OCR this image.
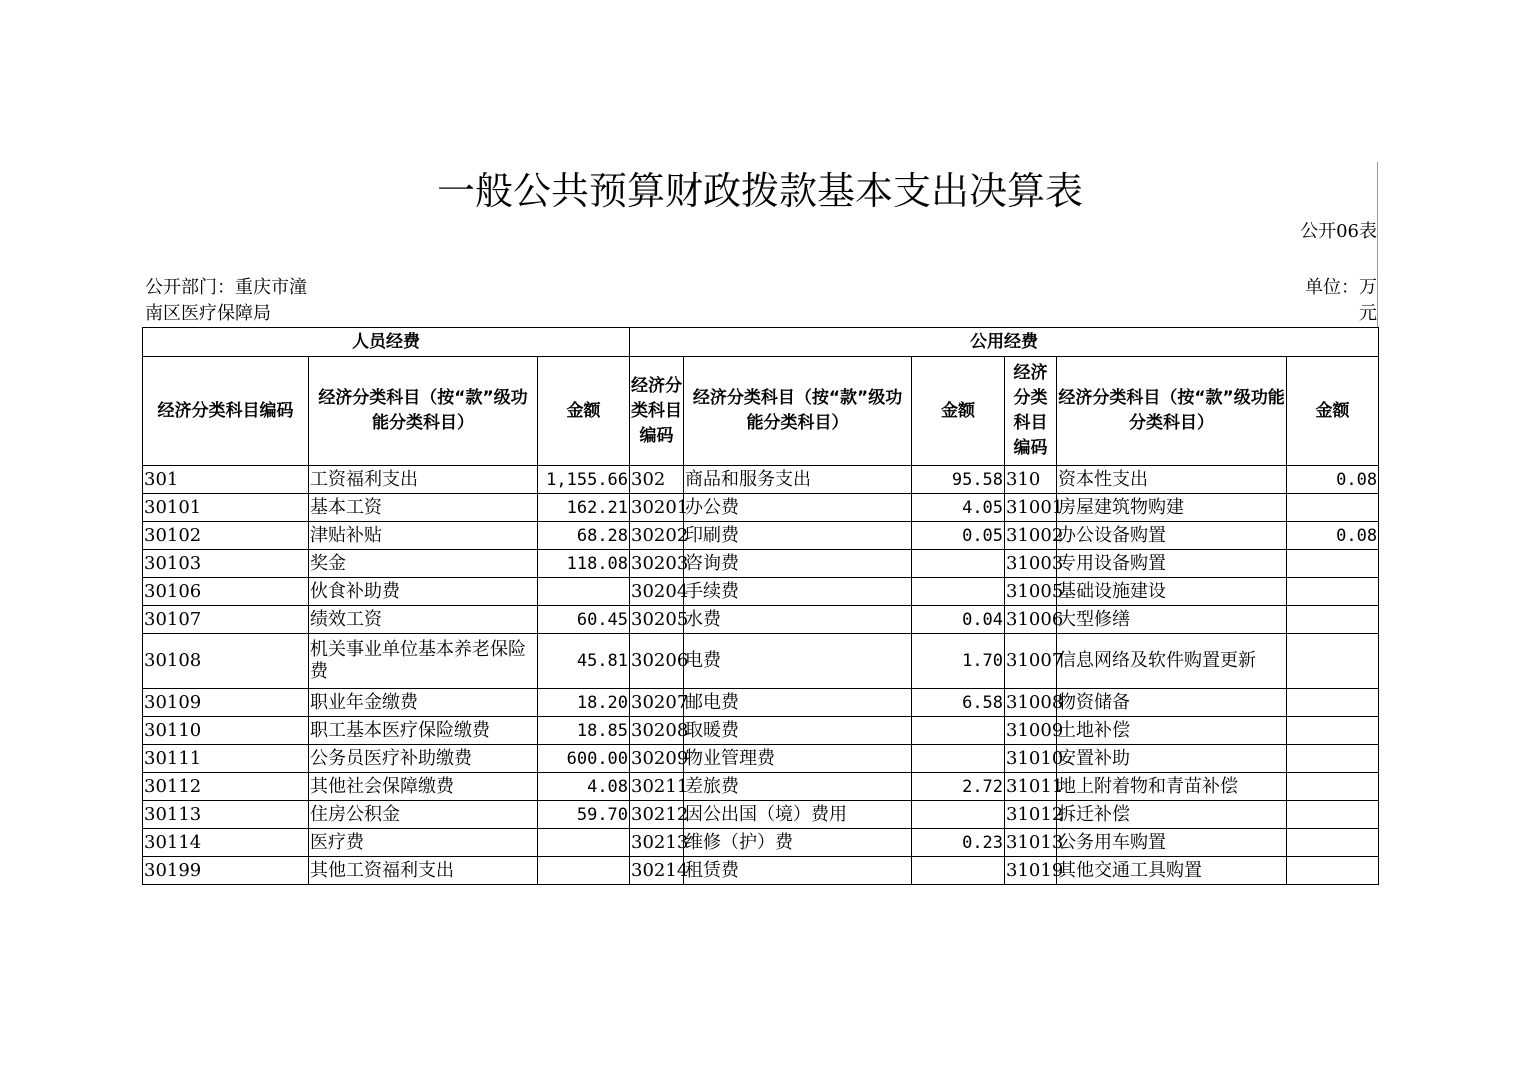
一般公共预算财政拨款基本支出决算表
公开06表
公开部门：重庆市潼南区医疗保障局
单位：万元
人员经费			公用经费					
经济分类科目编码	经济分类科目（按“款”级功能分类科目）	金额	经济分类科目编码	经济分类科目（按“款”级功能分类科目）	金额	经济分类科目编码	经济分类科目（按“款”级功能分类科目）	金额
301	工资福利支出	1,155.66	302	商品和服务支出	95.58	310	资本性支出	0.08
30101	基本工资	162.21	30201	办公费	4.05	31001	房屋建筑物购建	
30102	津贴补贴	68.28	30202	印刷费	0.05	31002	办公设备购置	0.08
30103	奖金	118.08	30203	咨询费		31003	专用设备购置	
30106	伙食补助费		30204	手续费		31005	基础设施建设	
30107	绩效工资	60.45	30205	水费	0.04	31006	大型修缮	
30108	机关事业单位基本养老保险费	45.81	30206	电费	1.70	31007	信息网络及软件购置更新	
30109	职业年金缴费	18.20	30207	邮电费	6.58	31008	物资储备	
30110	职工基本医疗保险缴费	18.85	30208	取暖费		31009	土地补偿	
30111	公务员医疗补助缴费	600.00	30209	物业管理费		31010	安置补助	
30112	其他社会保障缴费	4.08	30211	差旅费	2.72	31011	地上附着物和青苗补偿	
30113	住房公积金	59.70	30212	因公出国（境）费用		31012	拆迁补偿	
30114	医疗费		30213	维修（护）费	0.23	31013	公务用车购置	
30199	其他工资福利支出		30214	租赁费		31019	其他交通工具购置	
